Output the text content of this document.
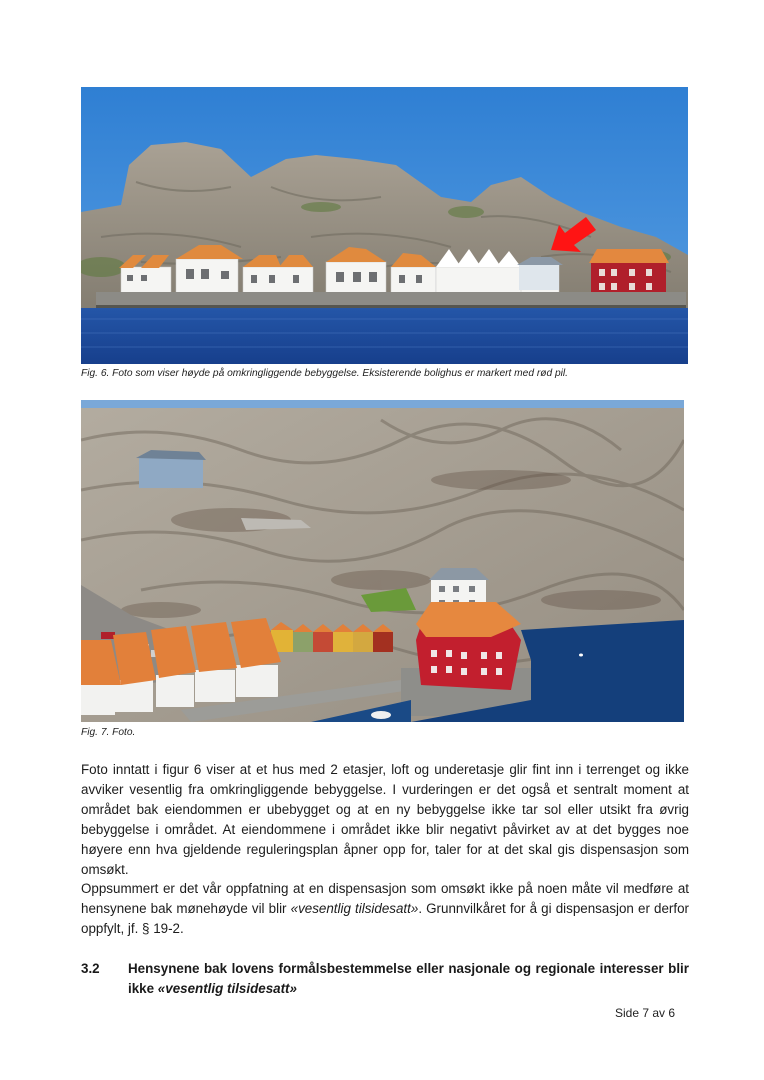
Fig. 6. Foto som viser høyde på omkringliggende bebyggelse. Eksisterende bolighus er markert med rød pil.
Fig. 7. Foto.

Foto inntatt i figur 6 viser at et hus med 2 etasjer, loft og underetasje glir fint inn i terrenget og ikke avviker vesentlig fra omkringliggende bebyggelse. I vurderingen er det også et sentralt moment at området bak eiendommen er ubebygget og at en ny bebyggelse ikke tar sol eller utsikt fra øvrig bebyggelse i området. At eiendommene i området ikke blir negativt påvirket av at det bygges noe høyere enn hva gjeldende reguleringsplan åpner opp for, taler for at det skal gis dispensasjon som omsøkt.

Oppsummert er det vår oppfatning at en dispensasjon som omsøkt ikke på noen måte vil medføre at hensynene bak mønehøyde vil blir «vesentlig tilsidesatt». Grunnvilkåret for å gi dispensasjon er derfor oppfylt, jf. § 19-2.

3.2 Hensynene bak lovens formålsbestemmelse eller nasjonale og regionale interesser blir ikke «vesentlig tilsidesatt»
Side 7 av 6
